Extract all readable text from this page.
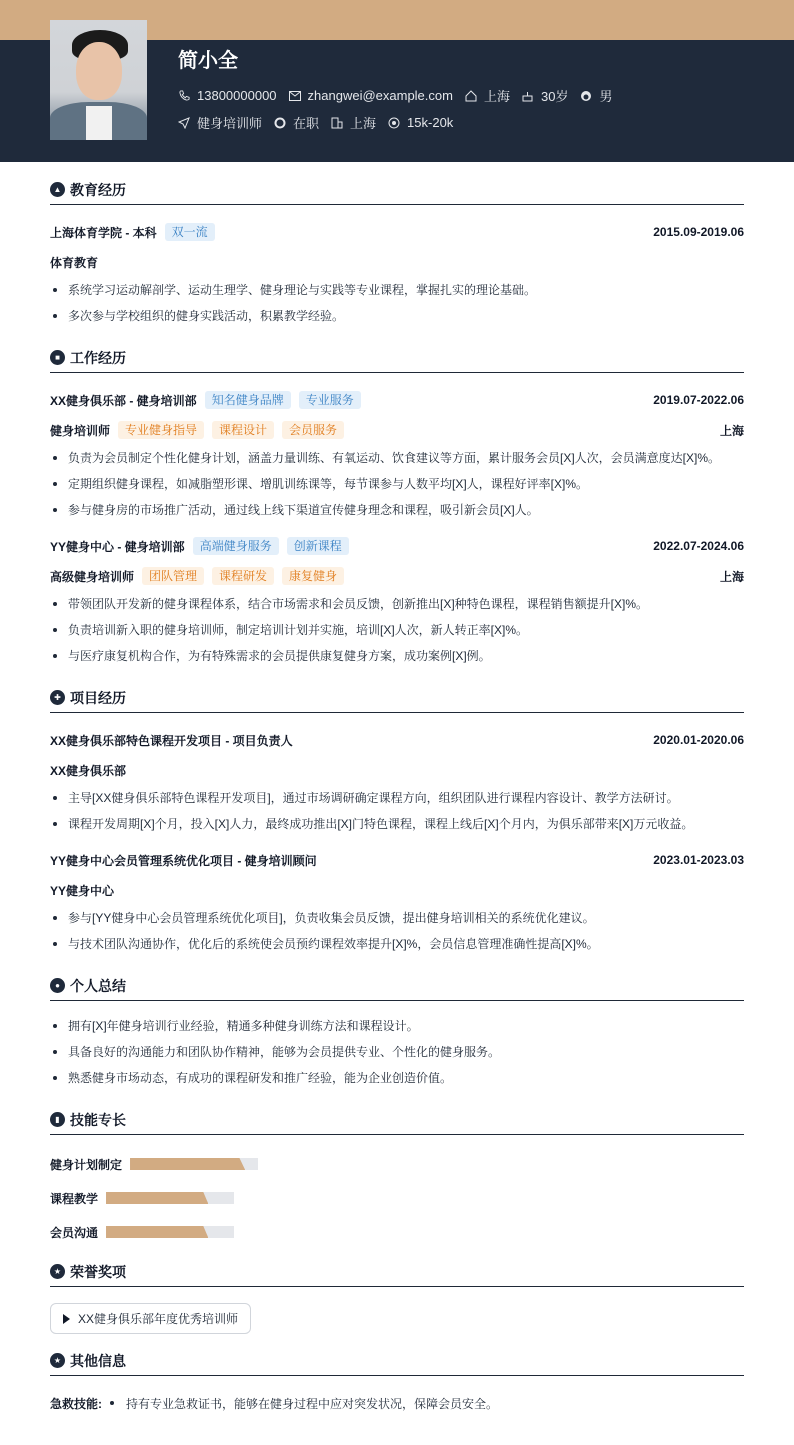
简小全
13800000000 zhangwei@example.com 上海 30岁 男
健身培训师 在职 上海 15k-20k
▲ 教育经历
上海体育学院 - 本科	双一流	2015.09-2019.06
体育教育
系统学习运动解剖学、运动生理学、健身理论与实践等专业课程，掌握扎实的理论基础。
多次参与学校组织的健身实践活动，积累教学经验。
■ 工作经历
XX健身俱乐部 - 健身培训部	知名健身品牌	专业服务	2019.07-2022.06
健身培训师	专业健身指导	课程设计	会员服务	上海
负责为会员制定个性化健身计划，涵盖力量训练、有氧运动、饮食建议等方面，累计服务会员[X]人次，会员满意度达[X]%。
定期组织健身课程，如减脂塑形课、增肌训练课等，每节课参与人数平均[X]人，课程好评率[X]%。
参与健身房的市场推广活动，通过线上线下渠道宣传健身理念和课程，吸引新会员[X]人。
YY健身中心 - 健身培训部	高端健身服务	创新课程	2022.07-2024.06
高级健身培训师	团队管理	课程研发	康复健身	上海
带领团队开发新的健身课程体系，结合市场需求和会员反馈，创新推出[X]种特色课程，课程销售额提升[X]%。
负责培训新入职的健身培训师，制定培训计划并实施，培训[X]人次，新人转正率[X]%。
与医疗康复机构合作，为有特殊需求的会员提供康复健身方案，成功案例[X]例。
✚ 项目经历
XX健身俱乐部特色课程开发项目 - 项目负责人	2020.01-2020.06
XX健身俱乐部
主导[XX健身俱乐部特色课程开发项目]，通过市场调研确定课程方向，组织团队进行课程内容设计、教学方法研讨。
课程开发周期[X]个月，投入[X]人力，最终成功推出[X]门特色课程，课程上线后[X]个月内，为俱乐部带来[X]万元收益。
YY健身中心会员管理系统优化项目 - 健身培训顾问	2023.01-2023.03
YY健身中心
参与[YY健身中心会员管理系统优化项目]，负责收集会员反馈，提出健身培训相关的系统优化建议。
与技术团队沟通协作，优化后的系统使会员预约课程效率提升[X]%，会员信息管理准确性提高[X]%。
● 个人总结
拥有[X]年健身培训行业经验，精通多种健身训练方法和课程设计。
具备良好的沟通能力和团队协作精神，能够为会员提供专业、个性化的健身服务。
熟悉健身市场动态，有成功的课程研发和推广经验，能为企业创造价值。
▮ 技能专长
健身计划制定
课程教学
会员沟通
★ 荣誉奖项
XX健身俱乐部年度优秀培训师
★ 其他信息
急救技能: 持有专业急救证书，能够在健身过程中应对突发状况，保障会员安全。
